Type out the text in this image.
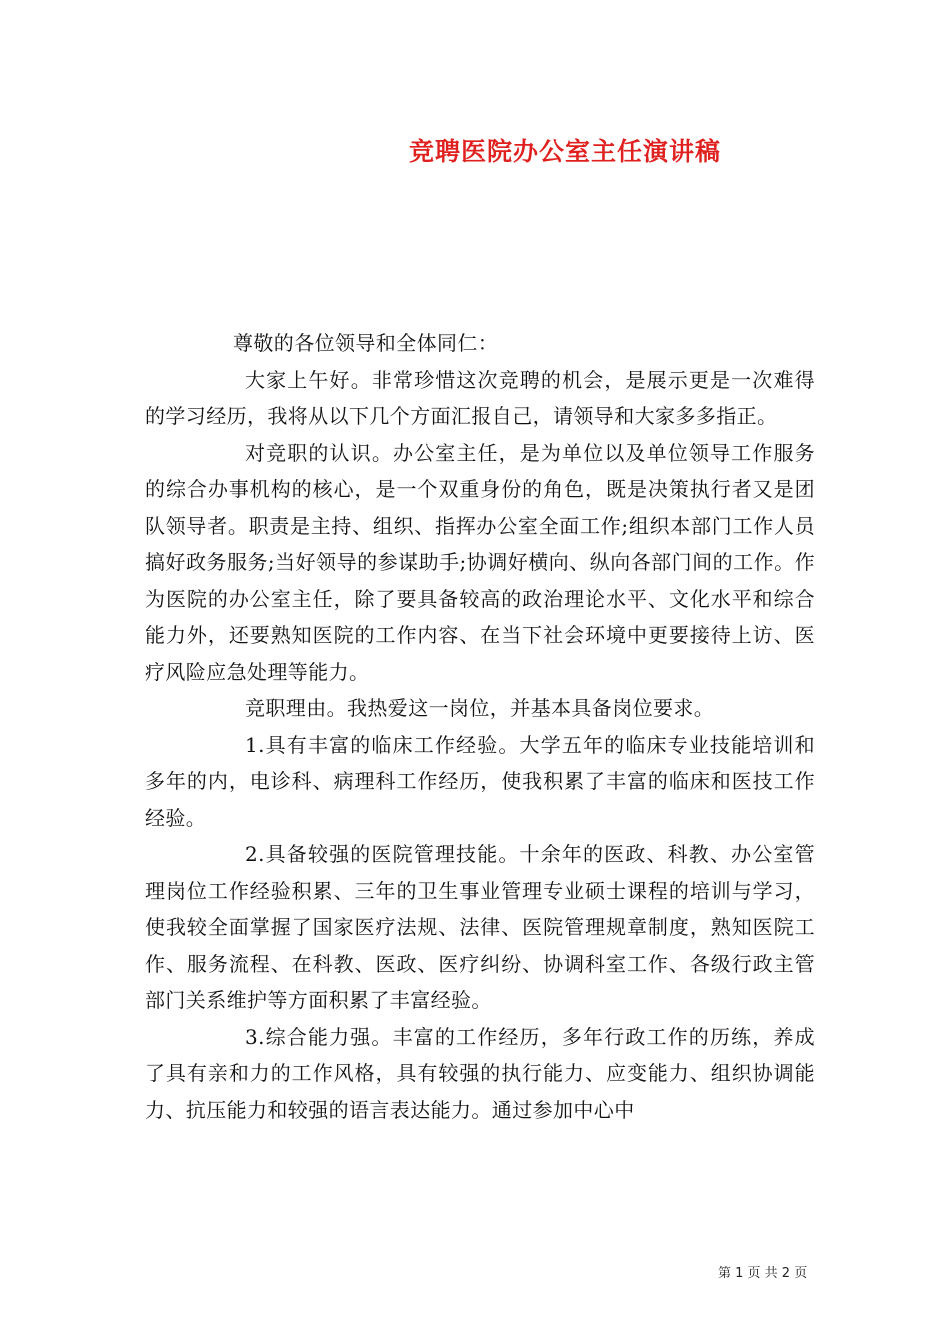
竞聘医院办公室主任演讲稿

尊敬的各位领导和全体同仁：

大家上午好。非常珍惜这次竞聘的机会，是展示更是一次难得的学习经历，我将从以下几个方面汇报自己，请领导和大家多多指正。

对竞职的认识。办公室主任，是为单位以及单位领导工作服务的综合办事机构的核心，是一个双重身份的角色，既是决策执行者又是团队领导者。职责是主持、组织、指挥办公室全面工作;组织本部门工作人员搞好政务服务;当好领导的参谋助手;协调好横向、纵向各部门间的工作。作为医院的办公室主任，除了要具备较高的政治理论水平、文化水平和综合能力外，还要熟知医院的工作内容、在当下社会环境中更要接待上访、医疗风险应急处理等能力。

竞职理由。我热爱这一岗位，并基本具备岗位要求。

1.具有丰富的临床工作经验。大学五年的临床专业技能培训和多年的内，电诊科、病理科工作经历，使我积累了丰富的临床和医技工作经验。

2.具备较强的医院管理技能。十余年的医政、科教、办公室管理岗位工作经验积累、三年的卫生事业管理专业硕士课程的培训与学习，使我较全面掌握了国家医疗法规、法律、医院管理规章制度，熟知医院工作、服务流程、在科教、医政、医疗纠纷、协调科室工作、各级行政主管部门关系维护等方面积累了丰富经验。

3.综合能力强。丰富的工作经历，多年行政工作的历练，养成了具有亲和力的工作风格，具有较强的执行能力、应变能力、组织协调能力、抗压能力和较强的语言表达能力。通过参加中心中

第 1 页 共 2 页
